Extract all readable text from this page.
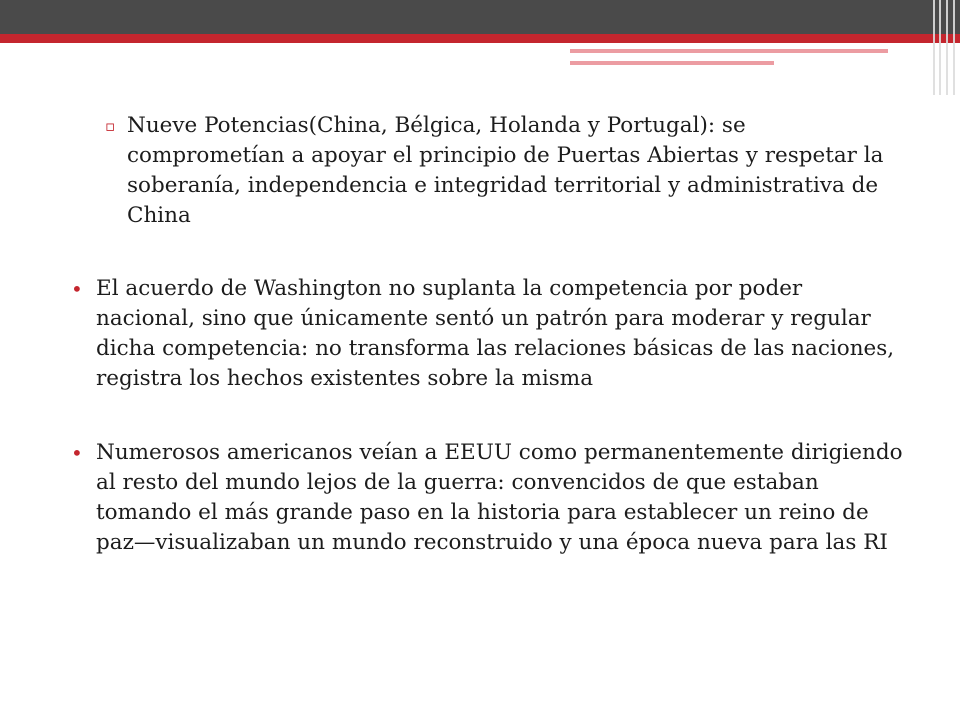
▫ Nueve Potencias(China, Bélgica, Holanda y Portugal): se comprometían a apoyar el principio de Puertas Abiertas y respetar la soberanía, independencia e integridad territorial y administrativa de China
• El acuerdo de Washington no suplanta la competencia por poder nacional, sino que únicamente sentó un patrón para moderar y regular dicha competencia: no transforma las relaciones básicas de las naciones, registra los hechos existentes sobre la misma
• Numerosos americanos veían a EEUU como permanentemente dirigiendo al resto del mundo lejos de la guerra: convencidos de que estaban tomando el más grande paso en la historia para establecer un reino de paz—visualizaban un mundo reconstruido y una época nueva para las RI
